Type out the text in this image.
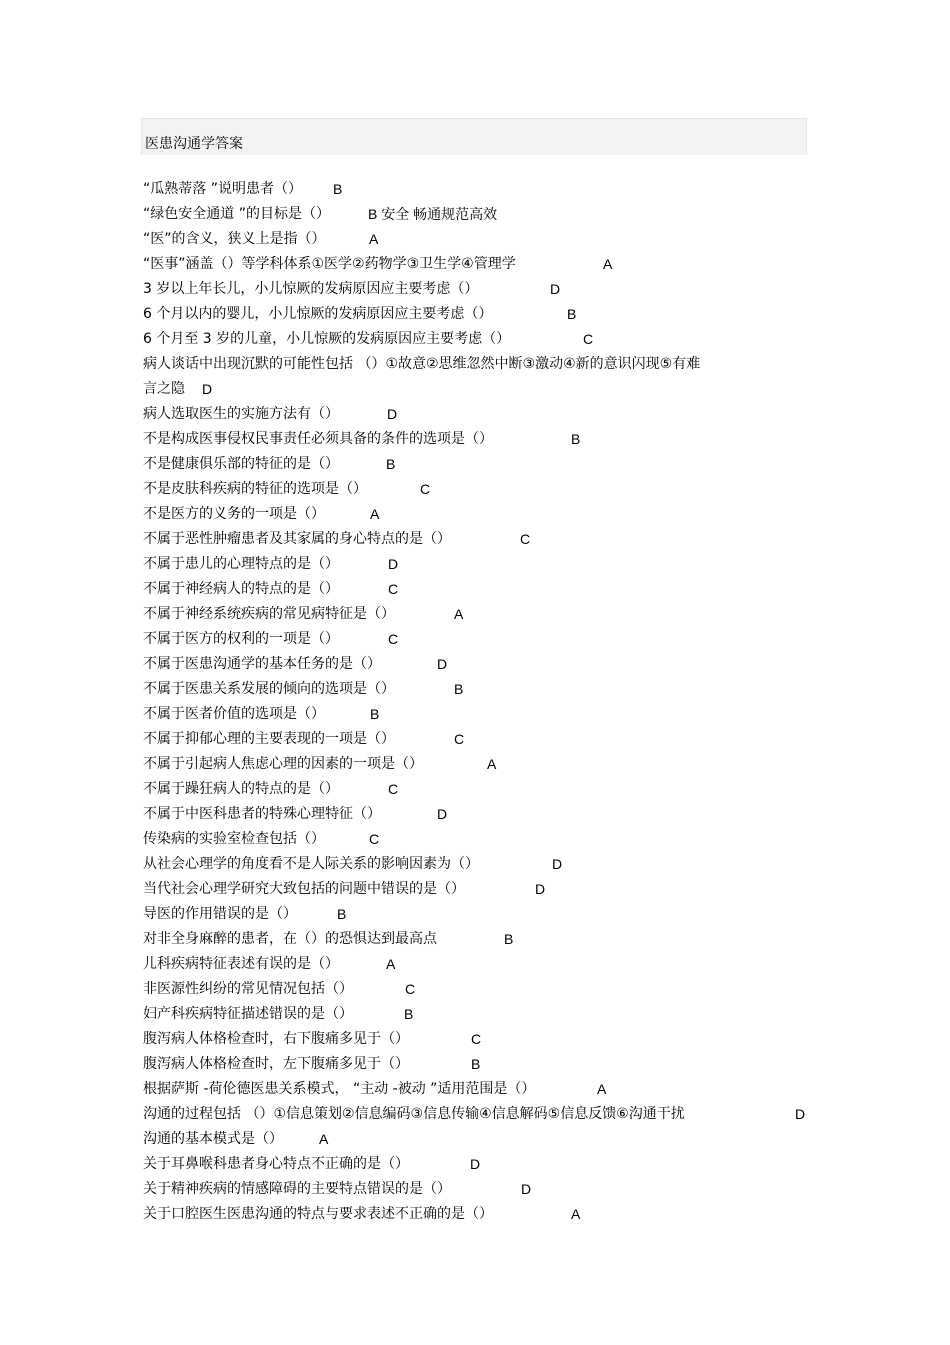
医患沟通学答案
“瓜熟蒂落 ”说明患者（） B
“绿色安全通道 ”的目标是（）	B 安全 畅通规范高效
“医”的含义，狭义上是指（）	A
“医事”涵盖（）等学科体系①医学②药物学③卫生学④管理学	A
3 岁以上年长儿，小儿惊厥的发病原因应主要考虑（）	D
6 个月以内的婴儿，小儿惊厥的发病原因应主要考虑（）	B
6 个月至 3 岁的儿童，小儿惊厥的发病原因应主要考虑（）	C
病人谈话中出现沉默的可能性包括 （）①故意②思维忽然中断③激动④新的意识闪现⑤有难
言之隐 D
病人选取医生的实施方法有（）	D
不是构成医事侵权民事责任必须具备的条件的选项是（）	B
不是健康俱乐部的特征的是（）	B
不是皮肤科疾病的特征的选项是（）	C
不是医方的义务的一项是（）	A
不属于恶性肿瘤患者及其家属的身心特点的是（）	C
不属于患儿的心理特点的是（）	D
不属于神经病人的特点的是（）	C
不属于神经系统疾病的常见病特征是（）	A
不属于医方的权利的一项是（）	C
不属于医患沟通学的基本任务的是（）	D
不属于医患关系发展的倾向的选项是（）	B
不属于医者价值的选项是（）	B
不属于抑郁心理的主要表现的一项是（）	C
不属于引起病人焦虑心理的因素的一项是（）	A
不属于躁狂病人的特点的是（）	C
不属于中医科患者的特殊心理特征（）	D
传染病的实验室检查包括（）	C
从社会心理学的角度看不是人际关系的影响因素为（）	D
当代社会心理学研究大致包括的问题中错误的是（）	D
导医的作用错误的是（）	B
对非全身麻醉的患者，在（）的恐惧达到最高点	B
儿科疾病特征表述有误的是（）	A
非医源性纠纷的常见情况包括（）	C
妇产科疾病特征描述错误的是（）	B
腹泻病人体格检查时，右下腹痛多见于（）	C
腹泻病人体格检查时，左下腹痛多见于（）	B
根据萨斯 -荷伦德医患关系模式， “主动 -被动 ”适用范围是（）	A
沟通的过程包括 （）①信息策划②信息编码③信息传输④信息解码⑤信息反馈⑥沟通干扰	D
沟通的基本模式是（）	A
关于耳鼻喉科患者身心特点不正确的是（）	D
关于精神疾病的情感障碍的主要特点错误的是（）	D
关于口腔医生医患沟通的特点与要求表述不正确的是（）	A
